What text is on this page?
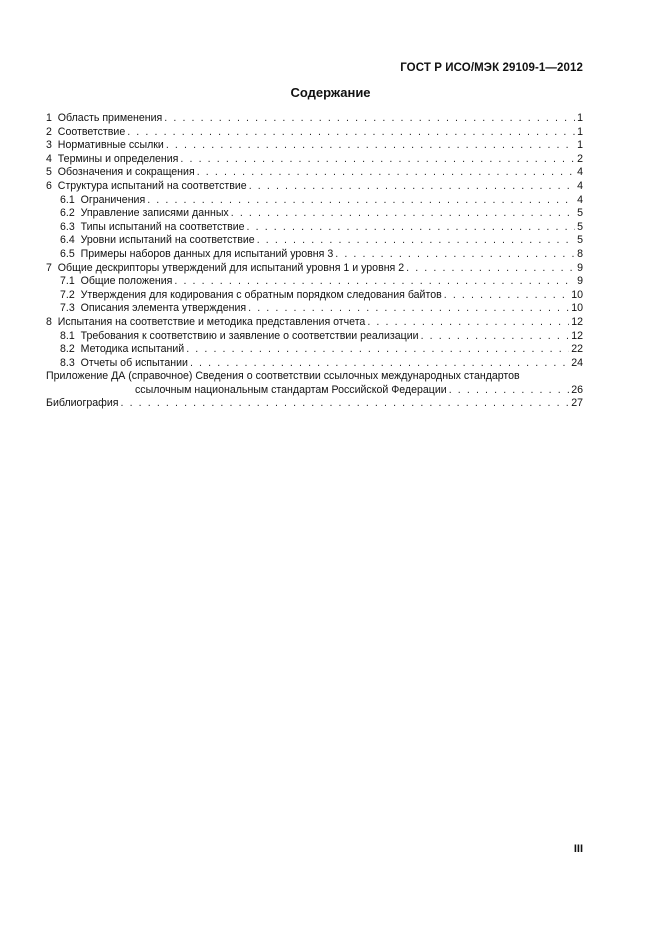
ГОСТ Р ИСО/МЭК 29109-1—2012
Содержание
1 Область применения . . .	1
2 Соответствие . . .	1
3 Нормативные ссылки . . .	1
4 Термины и определения . . .	2
5 Обозначения и сокращения . . .	4
6 Структура испытаний на соответствие . . .	4
6.1 Ограничения . . .	4
6.2 Управление записями данных . . .	5
6.3 Типы испытаний на соответствие . . .	5
6.4 Уровни испытаний на соответствие . . .	5
6.5 Примеры наборов данных для испытаний уровня 3 . . .	8
7 Общие дескрипторы утверждений для испытаний уровня 1 и уровня 2 . . .	9
7.1 Общие положения . . .	9
7.2 Утверждения для кодирования с обратным порядком следования байтов . . .	10
7.3 Описания элемента утверждения . . .	10
8 Испытания на соответствие и методика представления отчета . . .	12
8.1 Требования к соответствию и заявление о соответствии реализации . . .	12
8.2 Методика испытаний . . .	22
8.3 Отчеты об испытании . . .	24
Приложение ДА (справочное) Сведения о соответствии ссылочных международных стандартов
ссылочным национальным стандартам Российской Федерации . . .	26
Библиография . . .	27
III
